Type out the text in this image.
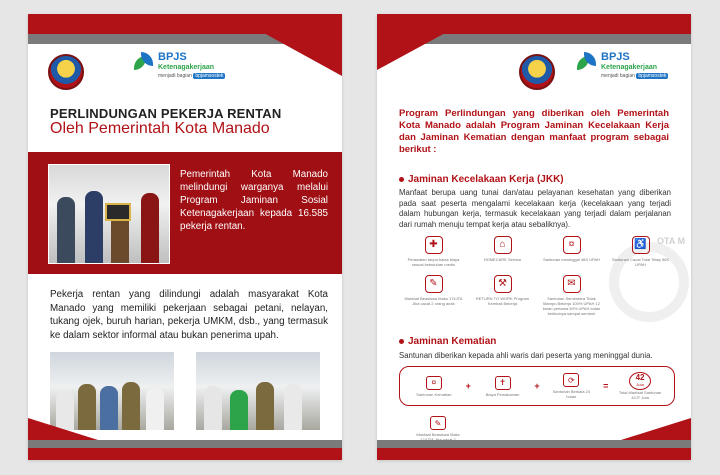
BPJS
Ketenagakerjaan
menjadi bagian bpjamsostek
PERLINDUNGAN PEKERJA RENTAN
Oleh Pemerintah Kota Manado
Pemerintah Kota Manado melindungi warganya melalui Program Jaminan Sosial Ketenagakerjaan kepada 16.585 pekerja rentan.
Pekerja rentan yang dilindungi adalah masyarakat Kota Manado yang memiliki pekerjaan sebagai petani, nelayan, tukang ojek, buruh harian, pekerja UMKM, dsb., yang termasuk ke dalam sektor informal atau bukan penerima upah.
BPJS
Ketenagakerjaan
menjadi bagian bpjamsostek
OTA M
Program Perlindungan yang diberikan oleh Pemerintah Kota Manado adalah Program Jaminan Kecelakaan Kerja dan Jaminan Kematian dengan manfaat program sebagai berikut :
Jaminan Kecelakaan Kerja (JKK)
Manfaat berupa uang tunai dan/atau pelayanan kesehatan yang diberikan pada saat peserta mengalami kecelakaan kerja (kecelakaan yang terjadi dalam hubungan kerja, termasuk kecelakaan yang terjadi dalam perjalanan dari rumah menuju tempat kerja atau sebaliknya).
✚
Perawatan tanpa batas biaya sesuai kebutuhan medis
⌂
HOMECARE Service
¤
Santunan meninggal 48X UPAH
♿
Santunan Cacat Total Tetap 56X UPAH
✎
Manfaat Beasiswa Maks 174JTA Jika cacat 2 orang anak
⚒
RETURN TO WORK Program Kembali Bekerja
✉
Santunan Sementara Tidak Mampu Bekerja 100% UPAH 12 bulan pertama 50% UPAH bulan berikutnya sampai sembuh
Jaminan Kematian
Santunan diberikan kepada ahli waris dari peserta yang meninggal dunia.
¤
Santunan Kematian
+	✝
Biaya Pemakaman
+
⟳
Santunan Berkala 24 bulan
=
42
Juta
Total Manfaat Santunan 42JT Juta
✎
Manfaat Beasiswa Maks
